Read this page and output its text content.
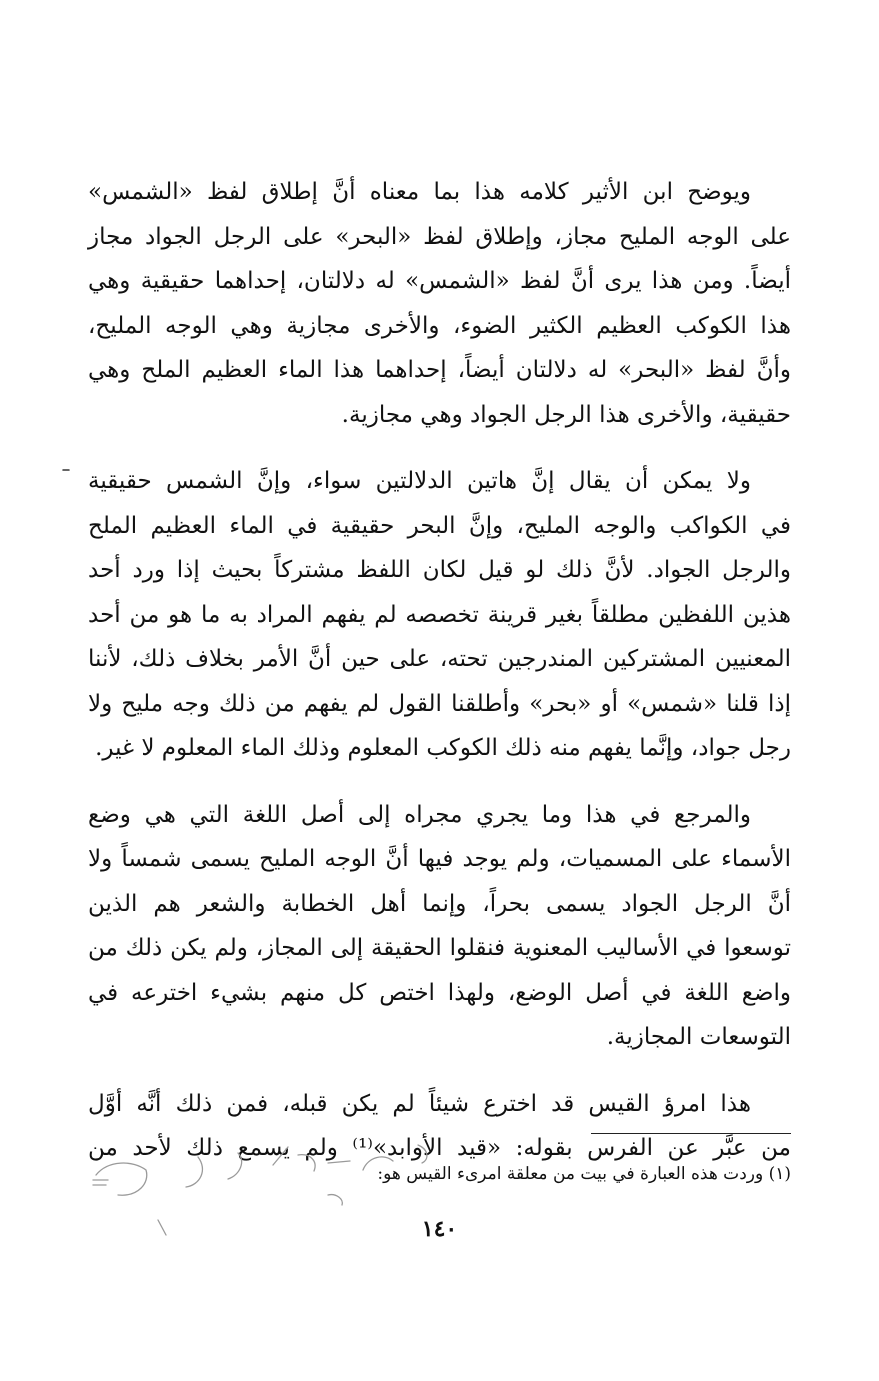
ويوضح ابن الأثير كلامه هذا بما معناه أنَّ إطلاق لفظ «الشمس»
على الوجه المليح مجاز، وإطلاق لفظ «البحر» على الرجل الجواد مجاز
أيضاً. ومن هذا يرى أنَّ لفظ «الشمس» له دلالتان، إحداهما حقيقية وهي
هذا الكوكب العظيم الكثير الضوء، والأخرى مجازية وهي الوجه المليح،
وأنَّ لفظ «البحر» له دلالتان أيضاً، إحداهما هذا الماء العظيم الملح وهي
حقيقية، والأخرى هذا الرجل الجواد وهي مجازية.

ولا يمكن أن يقال إنَّ هاتين الدلالتين سواء، وإنَّ الشمس حقيقية
في الكواكب والوجه المليح، وإنَّ البحر حقيقية في الماء العظيم الملح
والرجل الجواد. لأنَّ ذلك لو قيل لكان اللفظ مشتركاً بحيث إذا ورد أحد
هذين اللفظين مطلقاً بغير قرينة تخصصه لم يفهم المراد به ما هو من أحد
المعنيين المشتركين المندرجين تحته، على حين أنَّ الأمر بخلاف ذلك، لأننا
إذا قلنا «شمس» أو «بحر» وأطلقنا القول لم يفهم من ذلك وجه مليح ولا
رجل جواد، وإنَّما يفهم منه ذلك الكوكب المعلوم وذلك الماء المعلوم لا غير.

والمرجع في هذا وما يجري مجراه إلى أصل اللغة التي هي وضع
الأسماء على المسميات، ولم يوجد فيها أنَّ الوجه المليح يسمى شمساً ولا
أنَّ الرجل الجواد يسمى بحراً، وإنما أهل الخطابة والشعر هم الذين
توسعوا في الأساليب المعنوية فنقلوا الحقيقة إلى المجاز، ولم يكن ذلك من
واضع اللغة في أصل الوضع، ولهذا اختص كل منهم بشيء اخترعه في
التوسعات المجازية.

هذا امرؤ القيس قد اخترع شيئاً لم يكن قبله، فمن ذلك أنَّه أوَّل
من عبَّر عن الفرس بقوله: «قيد الأوابد»⁽¹⁾ ولم يسمع ذلك لأحد من

(١) وردت هذه العبارة في بيت من معلقة امرىء القيس هو:
١٤٠
